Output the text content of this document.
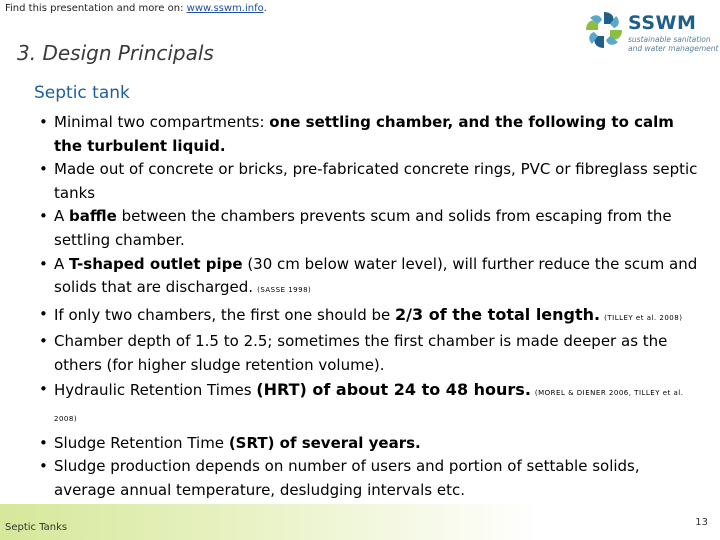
Find this presentation and more on: www.sswm.info.
SSWM
sustainable sanitation
and water management
3. Design Principals
Septic tank
• Minimal two compartments: one settling chamber, and the following to calm the turbulent liquid.
• Made out of concrete or bricks, pre-fabricated concrete rings, PVC or fibreglass septic tanks
• A baffle between the chambers prevents scum and solids from escaping from the settling chamber.
• A T-shaped outlet pipe (30 cm below water level), will further reduce the scum and solids that are discharged. (SASSE 1998)
• If only two chambers, the first one should be 2/3 of the total length. (TILLEY et al. 2008)
• Chamber depth of 1.5 to 2.5; sometimes the first chamber is made deeper as the others (for higher sludge retention volume).
• Hydraulic Retention Times (HRT) of about 24 to 48 hours. (MOREL & DIENER 2006, TILLEY et al. 2008)
• Sludge Retention Time (SRT) of several years.
• Sludge production depends on number of users and portion of settable solids, average annual temperature, desludging intervals etc.
•
Septic Tanks	13
